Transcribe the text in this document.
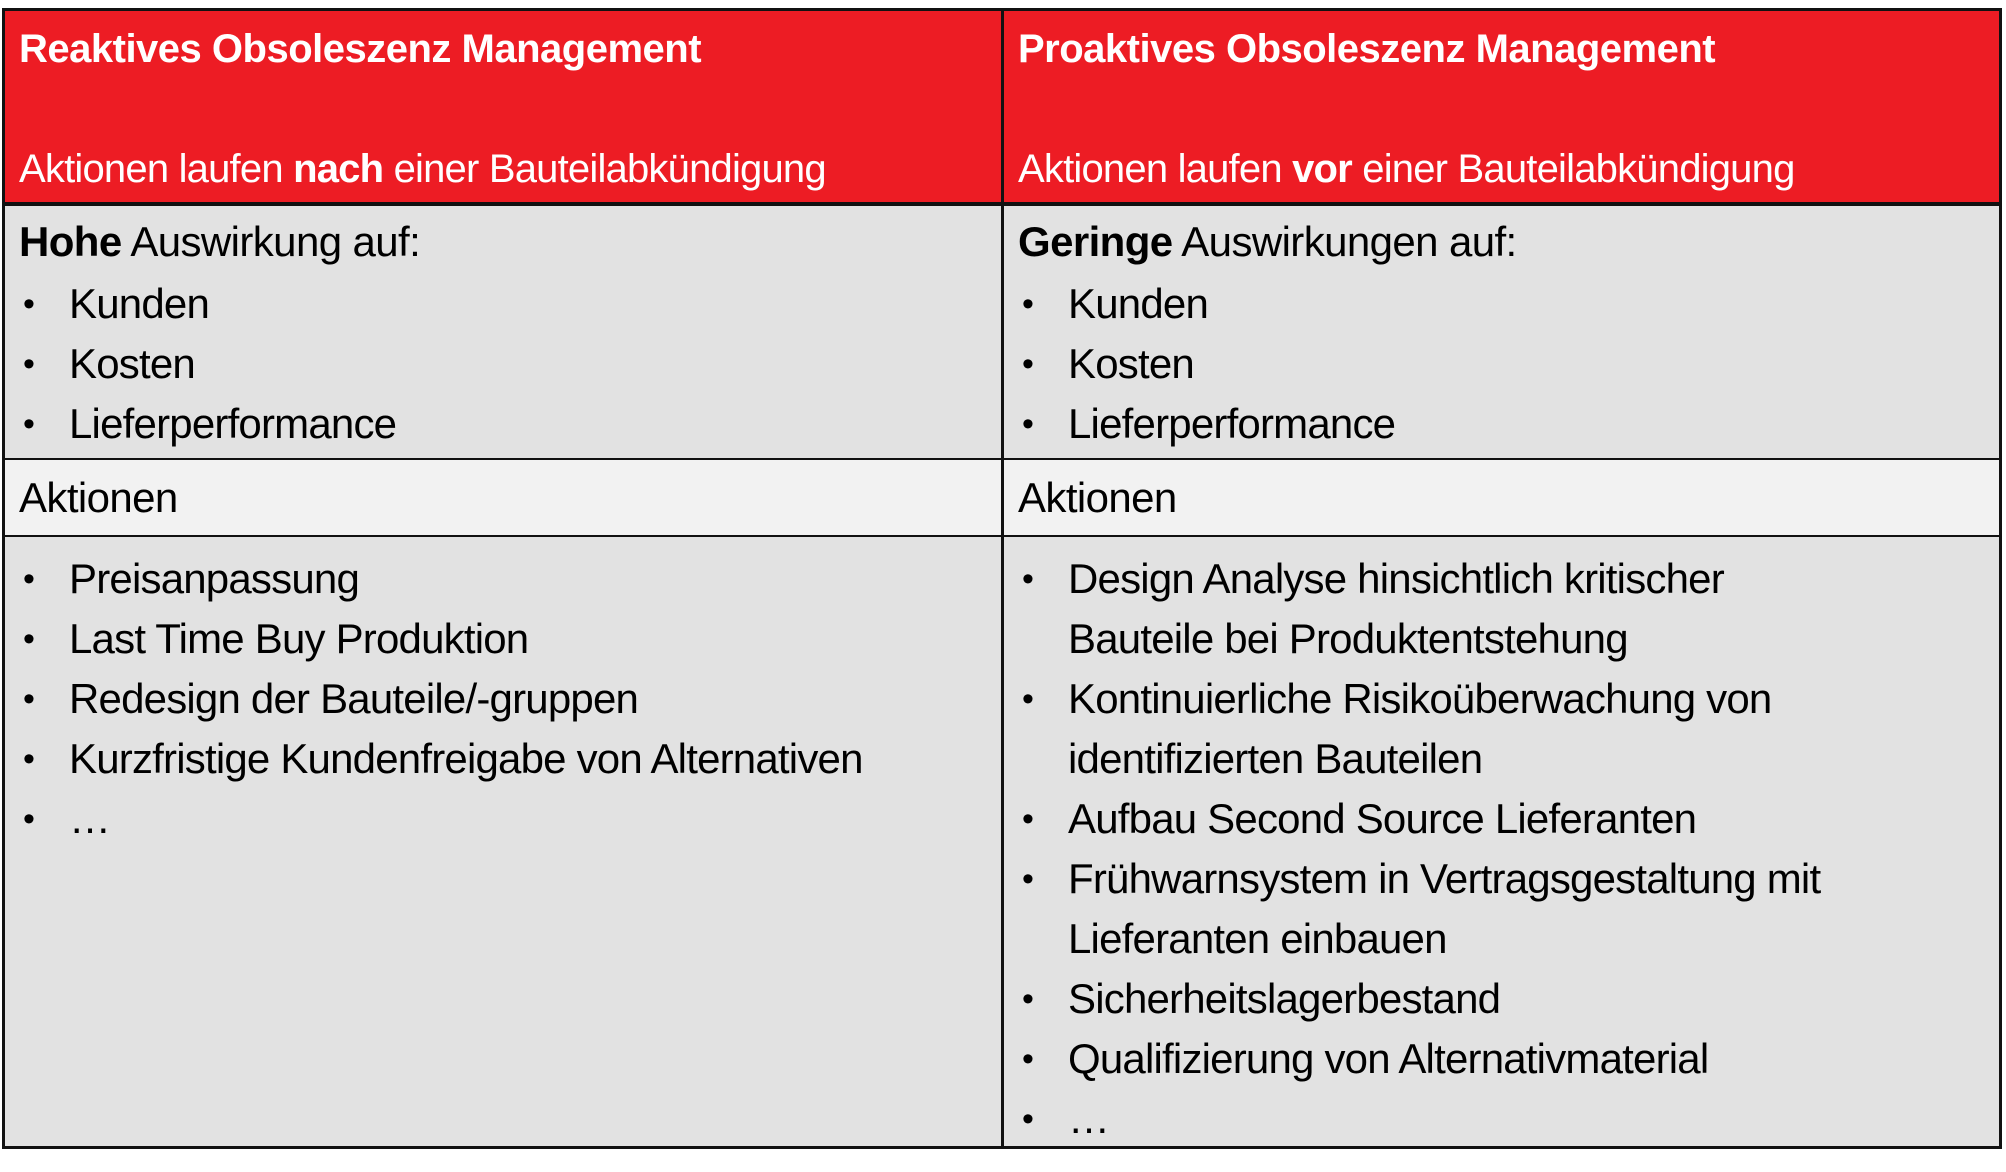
Reaktives Obsoleszenz Management
Aktionen laufen nach einer Bauteilabkündigung
Proaktives Obsoleszenz Management
Aktionen laufen vor einer Bauteilabkündigung
Hohe Auswirkung auf:
• Kunden
• Kosten
• Lieferperformance
Geringe Auswirkungen auf:
• Kunden
• Kosten
• Lieferperformance
Aktionen	Aktionen
• Preisanpassung
• Last Time Buy Produktion
• Redesign der Bauteile/-gruppen
• Kurzfristige Kundenfreigabe von Alternativen
• …
• Design Analyse hinsichtlich kritischer
Bauteile bei Produktentstehung
• Kontinuierliche Risikoüberwachung von
identifizierten Bauteilen
• Aufbau Second Source Lieferanten
• Frühwarnsystem in Vertragsgestaltung mit
Lieferanten einbauen
• Sicherheitslagerbestand
• Qualifizierung von Alternativmaterial
• …
